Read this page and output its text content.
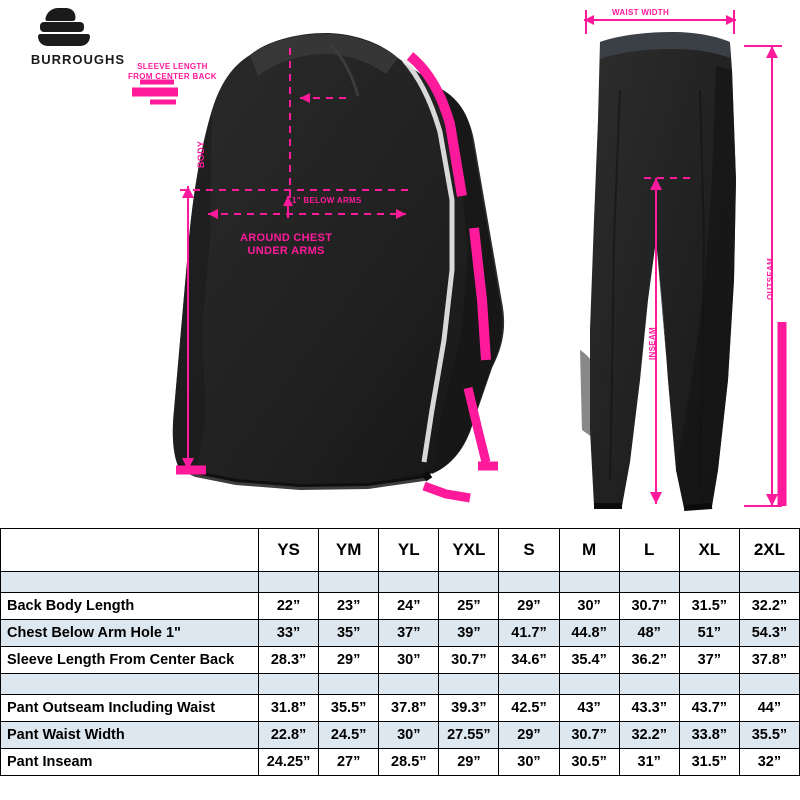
BURROUGHS	SLEEVE LENGTH
FROM CENTER BACK
BODY
1" BELOW ARMS
AROUND CHEST
UNDER ARMS
WAIST WIDTH
INSEAM
OUTSEAM
	YS	YM	YL	YXL	S	M	L	XL	2XL

Back Body Length	22”	23”	24”	25”	29”	30”	30.7”	31.5”	32.2”
Chest Below Arm Hole 1"	33”	35”	37”	39”	41.7”	44.8”	48”	51”	54.3”
Sleeve Length From Center Back	28.3”	29”	30”	30.7”	34.6”	35.4”	36.2”	37”	37.8”

Pant Outseam Including Waist	31.8”	35.5”	37.8”	39.3”	42.5”	43”	43.3”	43.7”	44”
Pant Waist Width	22.8”	24.5”	30”	27.55”	29”	30.7”	32.2”	33.8”	35.5”
Pant Inseam	24.25”	27”	28.5”	29”	30”	30.5”	31”	31.5”	32”
